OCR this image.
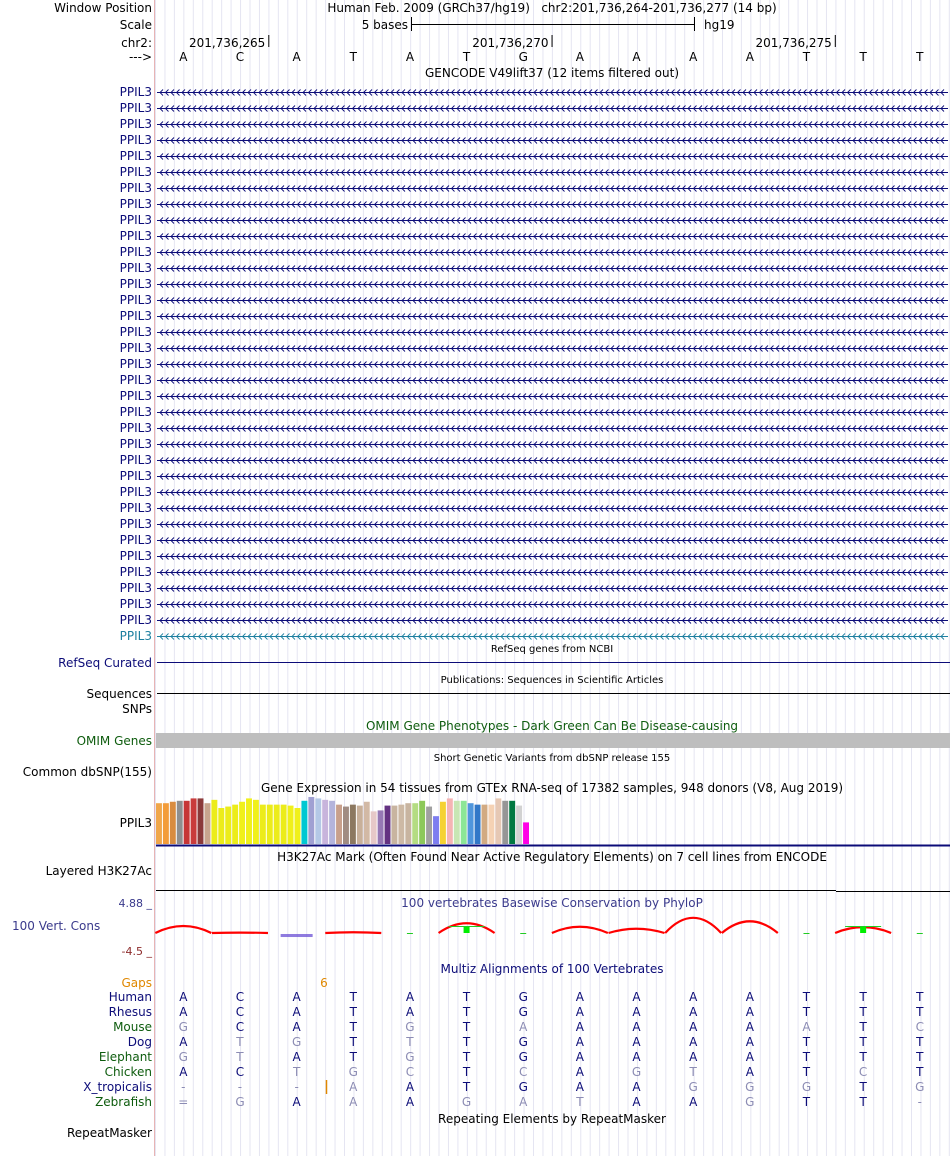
Window Position	Human Feb. 2009 (GRCh37/hg19)   chr2:201,736,264-201,736,277 (14 bp)
Scale	5 bases	hg19
chr2:	201,736,265	201,736,270	201,736,275
---> A	C	A	T	A	T	G	A	A	A	A	T	T	T
GENCODE V49lift37 (12 items filtered out)
PPIL3
PPIL3
PPIL3
PPIL3
PPIL3
PPIL3
PPIL3
PPIL3
PPIL3
PPIL3
PPIL3
PPIL3
PPIL3
PPIL3
PPIL3
PPIL3
PPIL3
PPIL3
PPIL3
PPIL3
PPIL3
PPIL3
PPIL3
PPIL3
PPIL3
PPIL3
PPIL3
PPIL3
PPIL3
PPIL3
PPIL3
PPIL3
PPIL3
PPIL3
PPIL3
RefSeq genes from NCBI
RefSeq Curated
Publications: Sequences in Scientific Articles
Sequences
SNPs
OMIM Gene Phenotypes - Dark Green Can Be Disease-causing
OMIM Genes
Short Genetic Variants from dbSNP release 155
Common dbSNP(155)
Gene Expression in 54 tissues from GTEx RNA-seq of 17382 samples, 948 donors (V8, Aug 2019)
PPIL3
H3K27Ac Mark (Often Found Near Active Regulatory Elements) on 7 cell lines from ENCODE
Layered H3K27Ac
100 vertebrates Basewise Conservation by PhyloP
4.88 _
100 Vert. Cons
-4.5 _
Multiz Alignments of 100 Vertebrates
Gaps	6
Human A	C	A	T	A	T	G	A	A	A	A	T	T	T
Rhesus A	C	A	T	A	T	G	A	A	A	A	T	T	T
Mouse G	C	A	T	G	T	A	A	A	A	A	A	T	C
Dog A	T	G	T	T	T	G	A	A	A	A	T	T	T
Elephant G	T	A	T	G	T	G	A	A	A	A	T	T	T
Chicken A	C	T	G	C	T	C	A	G	T	A	T	C	T
X_tropicalis -	-	-	A	A	T	G	A	A	G	G	G	T	G
Zebrafish =	G	A	A	A	G	A	T	A	A	G	T	T	-
Repeating Elements by RepeatMasker
RepeatMasker
